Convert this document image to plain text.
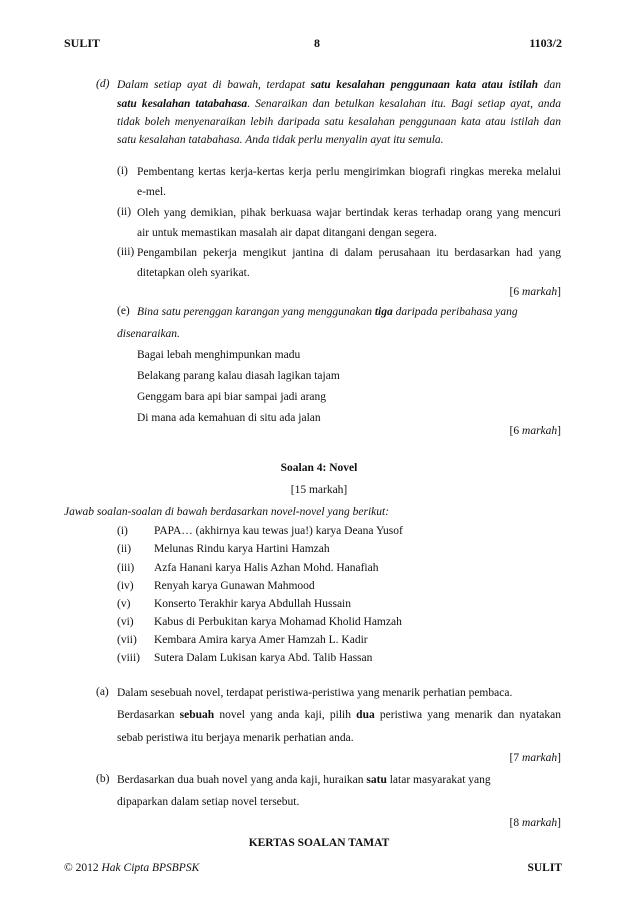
SULIT	8	1103/2
(d) Dalam setiap ayat di bawah, terdapat satu kesalahan penggunaan kata atau istilah dan
satu kesalahan tatabahasa. Senaraikan dan betulkan kesalahan itu. Bagi setiap ayat, anda
tidak boleh menyenaraikan lebih daripada satu kesalahan penggunaan kata atau istilah dan
satu kesalahan tatabahasa. Anda tidak perlu menyalin ayat itu semula.
(i) Pembentang kertas kerja-kertas kerja perlu mengirimkan biografi ringkas mereka melalui
e-mel.
(ii) Oleh yang demikian, pihak berkuasa wajar bertindak keras terhadap orang yang mencuri
air untuk memastikan masalah air dapat ditangani dengan segera.
(iii) Pengambilan pekerja mengikut jantina di dalam perusahaan itu berdasarkan had yang
ditetapkan oleh syarikat.
[6 markah]
(e) Bina satu perenggan karangan yang menggunakan tiga daripada peribahasa yang
disenaraikan.
Bagai lebah menghimpunkan madu
Belakang parang kalau diasah lagikan tajam
Genggam bara api biar sampai jadi arang
Di mana ada kemahuan di situ ada jalan
[6 markah]
Soalan 4: Novel
[15 markah]
Jawab soalan-soalan di bawah berdasarkan novel-novel yang berikut:
(i) PAPA… (akhirnya kau tewas jua!) karya Deana Yusof
(ii) Melunas Rindu karya Hartini Hamzah
(iii) Azfa Hanani karya Halis Azhan Mohd. Hanafiah
(iv) Renyah karya Gunawan Mahmood
(v) Konserto Terakhir karya Abdullah Hussain
(vi) Kabus di Perbukitan karya Mohamad Kholid Hamzah
(vii) Kembara Amira karya Amer Hamzah L. Kadir
(viii) Sutera Dalam Lukisan karya Abd. Talib Hassan
(a) Dalam sesebuah novel, terdapat peristiwa-peristiwa yang menarik perhatian pembaca.
Berdasarkan sebuah novel yang anda kaji, pilih dua peristiwa yang menarik dan nyatakan
sebab peristiwa itu berjaya menarik perhatian anda.
[7 markah]
(b) Berdasarkan dua buah novel yang anda kaji, huraikan satu latar masyarakat yang
dipaparkan dalam setiap novel tersebut.
[8 markah]
KERTAS SOALAN TAMAT
© 2012 Hak Cipta BPSBPSK	SULIT
